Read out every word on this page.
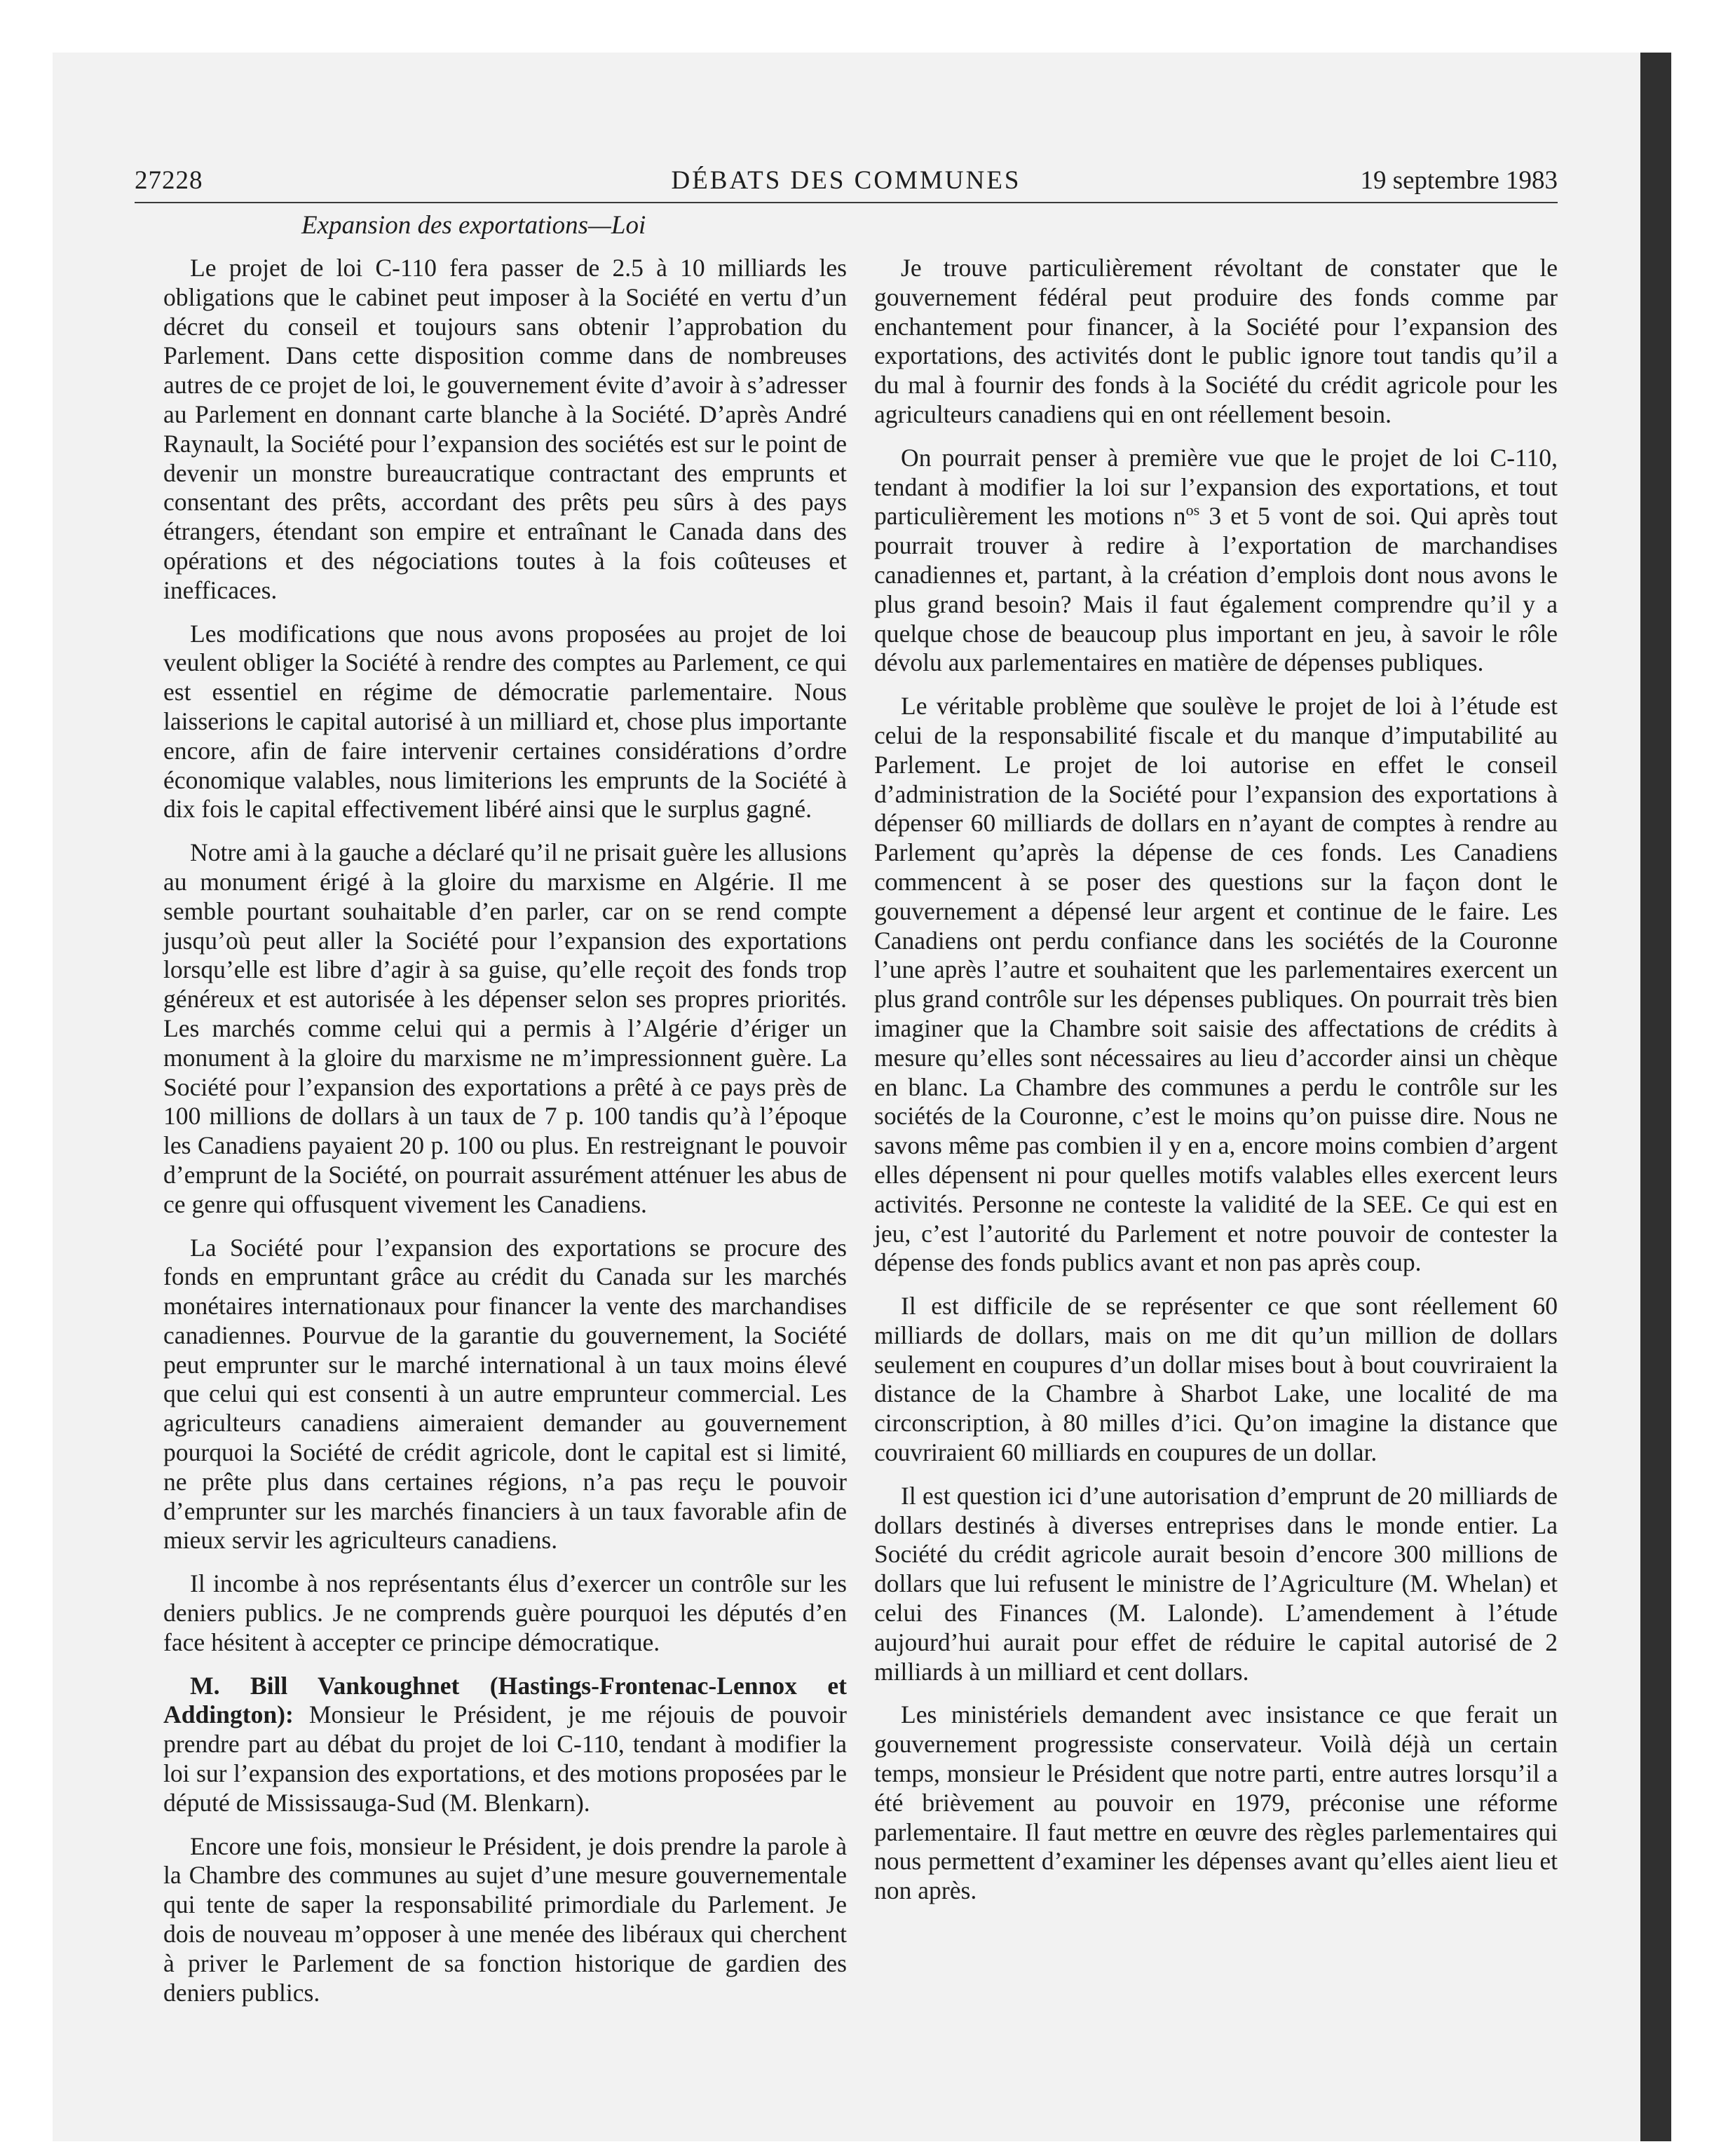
27228	DÉBATS DES COMMUNES	19 septembre 1983
Expansion des exportations—Loi

Le projet de loi C-110 fera passer de 2.5 à 10 milliards les obligations que le cabinet peut imposer à la Société en vertu d’un décret du conseil et toujours sans obtenir l’approbation du Parlement. Dans cette disposition comme dans de nombreuses autres de ce projet de loi, le gouvernement évite d’avoir à s’adresser au Parlement en donnant carte blanche à la Société. D’après André Raynault, la Société pour l’expansion des sociétés est sur le point de devenir un monstre bureaucratique contractant des emprunts et consentant des prêts, accordant des prêts peu sûrs à des pays étrangers, étendant son empire et entraînant le Canada dans des opérations et des négociations toutes à la fois coûteuses et inefficaces.

Les modifications que nous avons proposées au projet de loi veulent obliger la Société à rendre des comptes au Parlement, ce qui est essentiel en régime de démocratie parlementaire. Nous laisserions le capital autorisé à un milliard et, chose plus importante encore, afin de faire intervenir certaines considérations d’ordre économique valables, nous limiterions les emprunts de la Société à dix fois le capital effectivement libéré ainsi que le surplus gagné.

Notre ami à la gauche a déclaré qu’il ne prisait guère les allusions au monument érigé à la gloire du marxisme en Algérie. Il me semble pourtant souhaitable d’en parler, car on se rend compte jusqu’où peut aller la Société pour l’expansion des exportations lorsqu’elle est libre d’agir à sa guise, qu’elle reçoit des fonds trop généreux et est autorisée à les dépenser selon ses propres priorités. Les marchés comme celui qui a permis à l’Algérie d’ériger un monument à la gloire du marxisme ne m’impressionnent guère. La Société pour l’expansion des exportations a prêté à ce pays près de 100 millions de dollars à un taux de 7 p. 100 tandis qu’à l’époque les Canadiens payaient 20 p. 100 ou plus. En restreignant le pouvoir d’emprunt de la Société, on pourrait assurément atténuer les abus de ce genre qui offusquent vivement les Canadiens.

La Société pour l’expansion des exportations se procure des fonds en empruntant grâce au crédit du Canada sur les marchés monétaires internationaux pour financer la vente des marchandises canadiennes. Pourvue de la garantie du gouvernement, la Société peut emprunter sur le marché international à un taux moins élevé que celui qui est consenti à un autre emprunteur commercial. Les agriculteurs canadiens aimeraient demander au gouvernement pourquoi la Société de crédit agricole, dont le capital est si limité, ne prête plus dans certaines régions, n’a pas reçu le pouvoir d’emprunter sur les marchés financiers à un taux favorable afin de mieux servir les agriculteurs canadiens.

Il incombe à nos représentants élus d’exercer un contrôle sur les deniers publics. Je ne comprends guère pourquoi les députés d’en face hésitent à accepter ce principe démocratique.

M. Bill Vankoughnet (Hastings-Frontenac-Lennox et Addington): Monsieur le Président, je me réjouis de pouvoir prendre part au débat du projet de loi C-110, tendant à modifier la loi sur l’expansion des exportations, et des motions proposées par le député de Mississauga-Sud (M. Blenkarn).

Encore une fois, monsieur le Président, je dois prendre la parole à la Chambre des communes au sujet d’une mesure gouvernementale qui tente de saper la responsabilité primordiale du Parlement. Je dois de nouveau m’opposer à une menée des libéraux qui cherchent à priver le Parlement de sa fonction historique de gardien des deniers publics.

Je trouve particulièrement révoltant de constater que le gouvernement fédéral peut produire des fonds comme par enchantement pour financer, à la Société pour l’expansion des exportations, des activités dont le public ignore tout tandis qu’il a du mal à fournir des fonds à la Société du crédit agricole pour les agriculteurs canadiens qui en ont réellement besoin.

On pourrait penser à première vue que le projet de loi C-110, tendant à modifier la loi sur l’expansion des exportations, et tout particulièrement les motions $n^{os}$ 3 et 5 vont de soi. Qui après tout pourrait trouver à redire à l’exportation de marchandises canadiennes et, partant, à la création d’emplois dont nous avons le plus grand besoin? Mais il faut également comprendre qu’il y a quelque chose de beaucoup plus important en jeu, à savoir le rôle dévolu aux parlementaires en matière de dépenses publiques.

Le véritable problème que soulève le projet de loi à l’étude est celui de la responsabilité fiscale et du manque d’imputabilité au Parlement. Le projet de loi autorise en effet le conseil d’administration de la Société pour l’expansion des exportations à dépenser 60 milliards de dollars en n’ayant de comptes à rendre au Parlement qu’après la dépense de ces fonds. Les Canadiens commencent à se poser des questions sur la façon dont le gouvernement a dépensé leur argent et continue de le faire. Les Canadiens ont perdu confiance dans les sociétés de la Couronne l’une après l’autre et souhaitent que les parlementaires exercent un plus grand contrôle sur les dépenses publiques. On pourrait très bien imaginer que la Chambre soit saisie des affectations de crédits à mesure qu’elles sont nécessaires au lieu d’accorder ainsi un chèque en blanc. La Chambre des communes a perdu le contrôle sur les sociétés de la Couronne, c’est le moins qu’on puisse dire. Nous ne savons même pas combien il y en a, encore moins combien d’argent elles dépensent ni pour quelles motifs valables elles exercent leurs activités. Personne ne conteste la validité de la SEE. Ce qui est en jeu, c’est l’autorité du Parlement et notre pouvoir de contester la dépense des fonds publics avant et non pas après coup.

Il est difficile de se représenter ce que sont réellement 60 milliards de dollars, mais on me dit qu’un million de dollars seulement en coupures d’un dollar mises bout à bout couvriraient la distance de la Chambre à Sharbot Lake, une localité de ma circonscription, à 80 milles d’ici. Qu’on imagine la distance que couvriraient 60 milliards en coupures de un dollar.

Il est question ici d’une autorisation d’emprunt de 20 milliards de dollars destinés à diverses entreprises dans le monde entier. La Société du crédit agricole aurait besoin d’encore 300 millions de dollars que lui refusent le ministre de l’Agriculture (M. Whelan) et celui des Finances (M. Lalonde). L’amendement à l’étude aujourd’hui aurait pour effet de réduire le capital autorisé de 2 milliards à un milliard et cent dollars.

Les ministériels demandent avec insistance ce que ferait un gouvernement progressiste conservateur. Voilà déjà un certain temps, monsieur le Président que notre parti, entre autres lorsqu’il a été brièvement au pouvoir en 1979, préconise une réforme parlementaire. Il faut mettre en œuvre des règles parlementaires qui nous permettent d’examiner les dépenses avant qu’elles aient lieu et non après.
